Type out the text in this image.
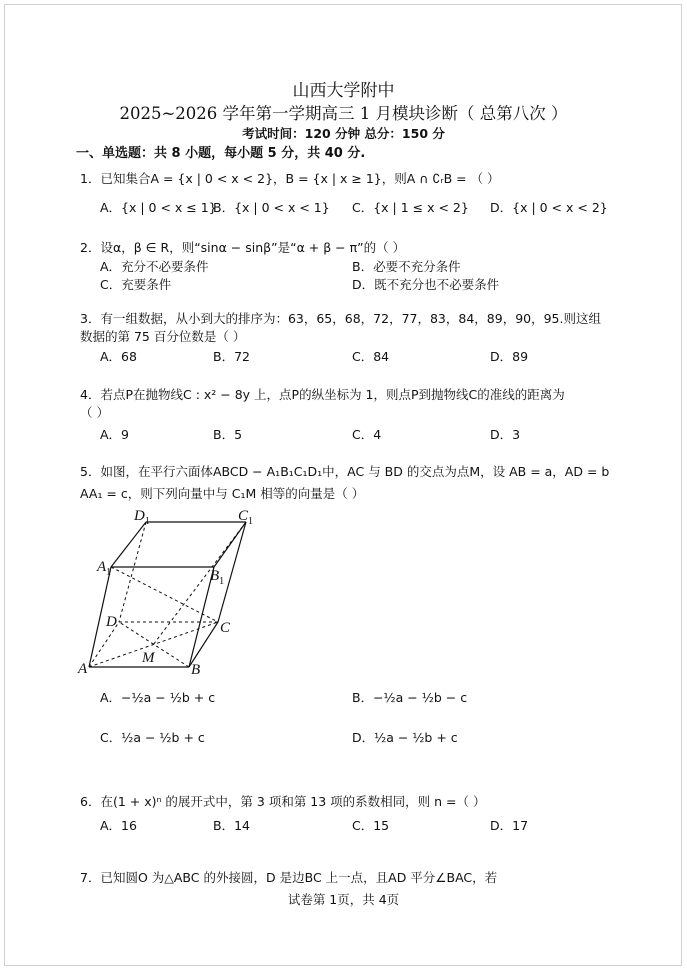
山西大学附中
2025~2026 学年第一学期高三 1 月模块诊断（ 总第八次 ）
考试时间：120 分钟 总分：150 分
一、单选题：共 8 小题，每小题 5 分，共 40 分.
1．已知集合A = {x | 0 < x < 2}，B = {x | x ≥ 1}，则A ∩ ∁ᵣB = （ ）
A．{x | 0 < x ≤ 1}
B．{x | 0 < x < 1} C．{x | 1 ≤ x < 2} D．{x | 0 < x < 2}
2．设α，β ∈ R，则“sinα − sinβ”是“α + β − π”的（ ）
A．充分不必要条件	B．必要不充分条件
C．充要条件	D．既不充分也不必要条件
3．有一组数据，从小到大的排序为：63，65，68，72，77，83，84，89，90，95.则这组
数据的第 75 百分位数是（ ）
A．68	B．72	C．84	D．89
4．若点P在抛物线C : x² − 8y 上，点P的纵坐标为 1，则点P到抛物线C的准线的距离为
（ ）
A．9	B．5	C．4	D．3
5．如图，在平行六面体ABCD − A₁B₁C₁D₁中，AC 与 BD 的交点为点M，设 AB = a，AD = b
AA₁ = c，则下列向量中与 C₁M 相等的向量是（ ）
$D_1$	$C_1$
$A_1$	$B_1$
D	C
A	B
M
A．−½a − ½b + c	B．−½a − ½b − c
C．½a − ½b + c	D．½a − ½b + c
6．在(1 + x)ⁿ 的展开式中，第 3 项和第 13 项的系数相同，则 n =（ ）
A．16	B．14	C．15	D．17
7．已知圆O 为△ABC 的外接圆，D 是边BC 上一点，且AD 平分∠BAC，若
试卷第 1页，共 4页
